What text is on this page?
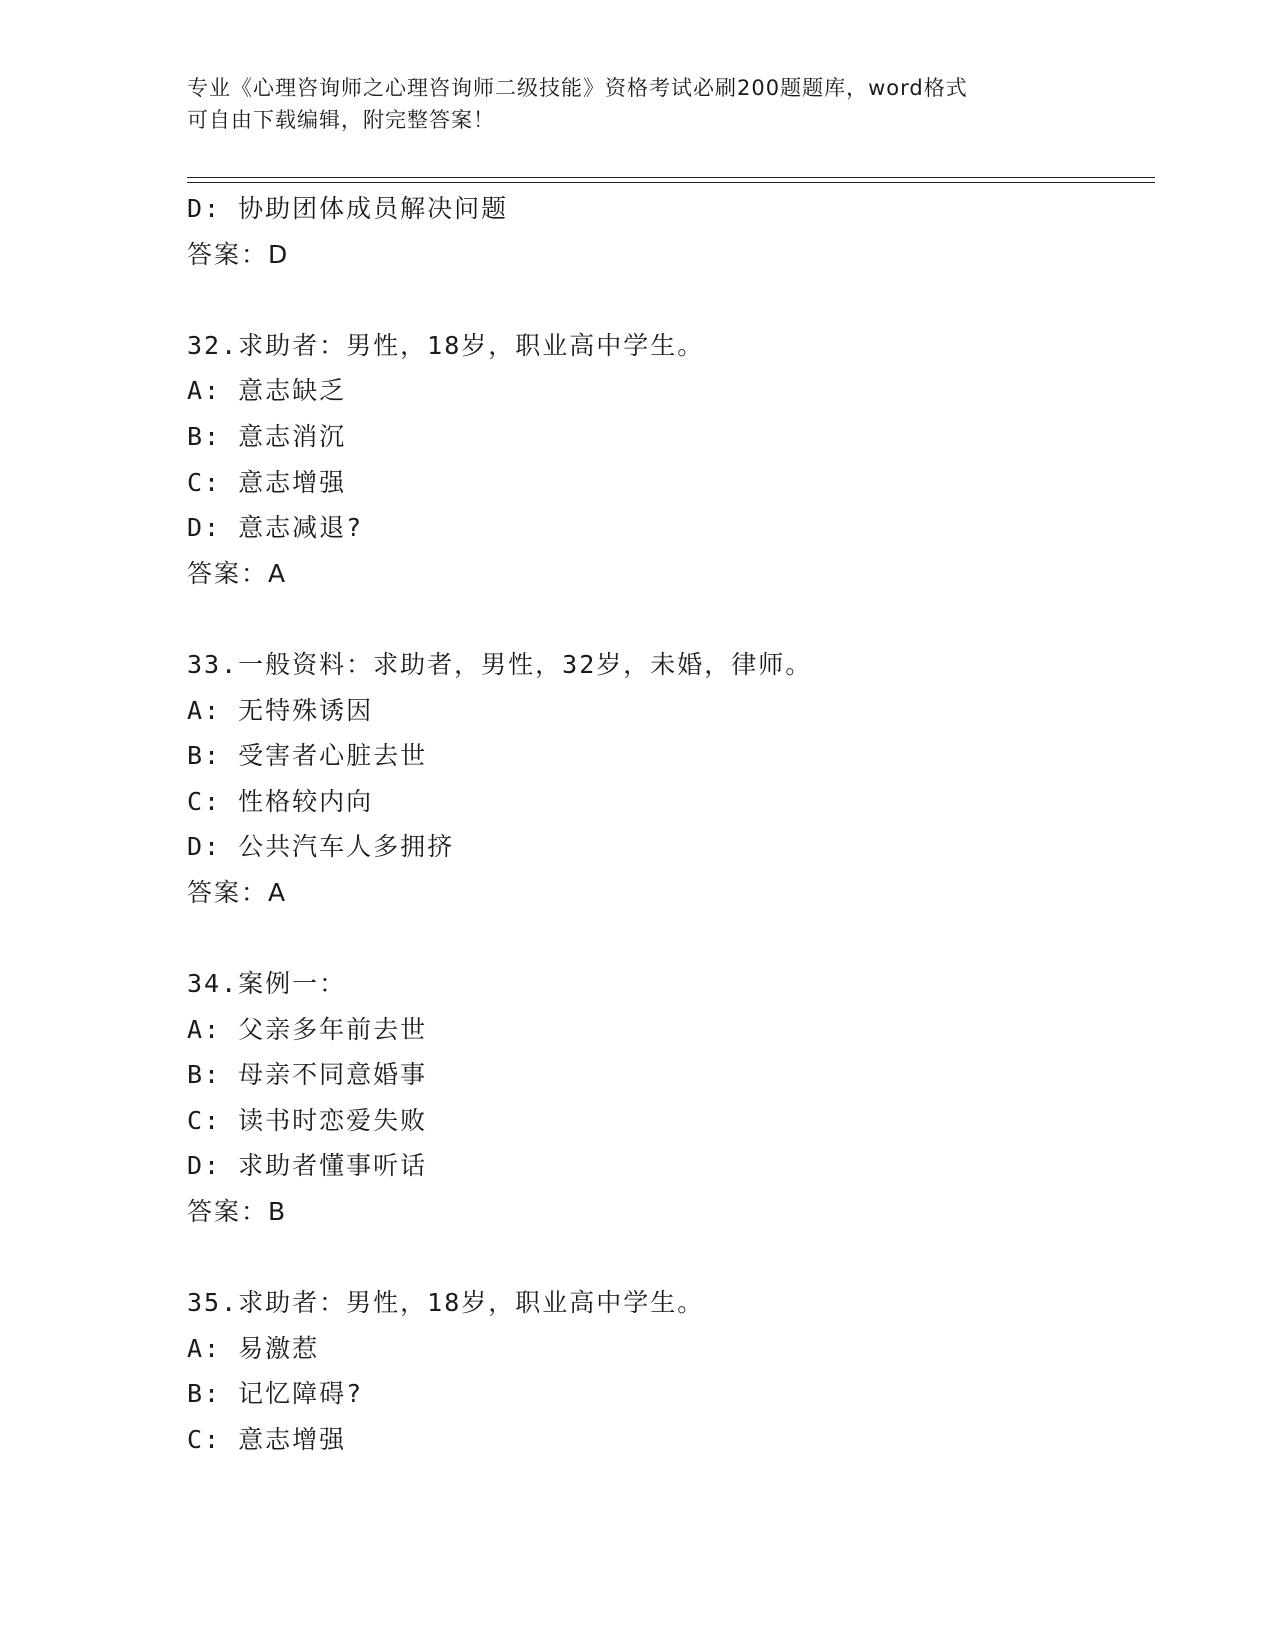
专业《心理咨询师之心理咨询师二级技能》资格考试必刷200题题库，word格式
可自由下载编辑，附完整答案！
D: 协助团体成员解决问题
答案：D
32.求助者：男性，18岁，职业高中学生。
A: 意志缺乏
B: 意志消沉
C: 意志增强
D: 意志减退?
答案：A
33.一般资料：求助者，男性，32岁，未婚，律师。
A: 无特殊诱因
B: 受害者心脏去世
C: 性格较内向
D: 公共汽车人多拥挤
答案：A
34.案例一：
A: 父亲多年前去世
B: 母亲不同意婚事
C: 读书时恋爱失败
D: 求助者懂事听话
答案：B
35.求助者：男性，18岁，职业高中学生。
A: 易激惹
B: 记忆障碍?
C: 意志增强
